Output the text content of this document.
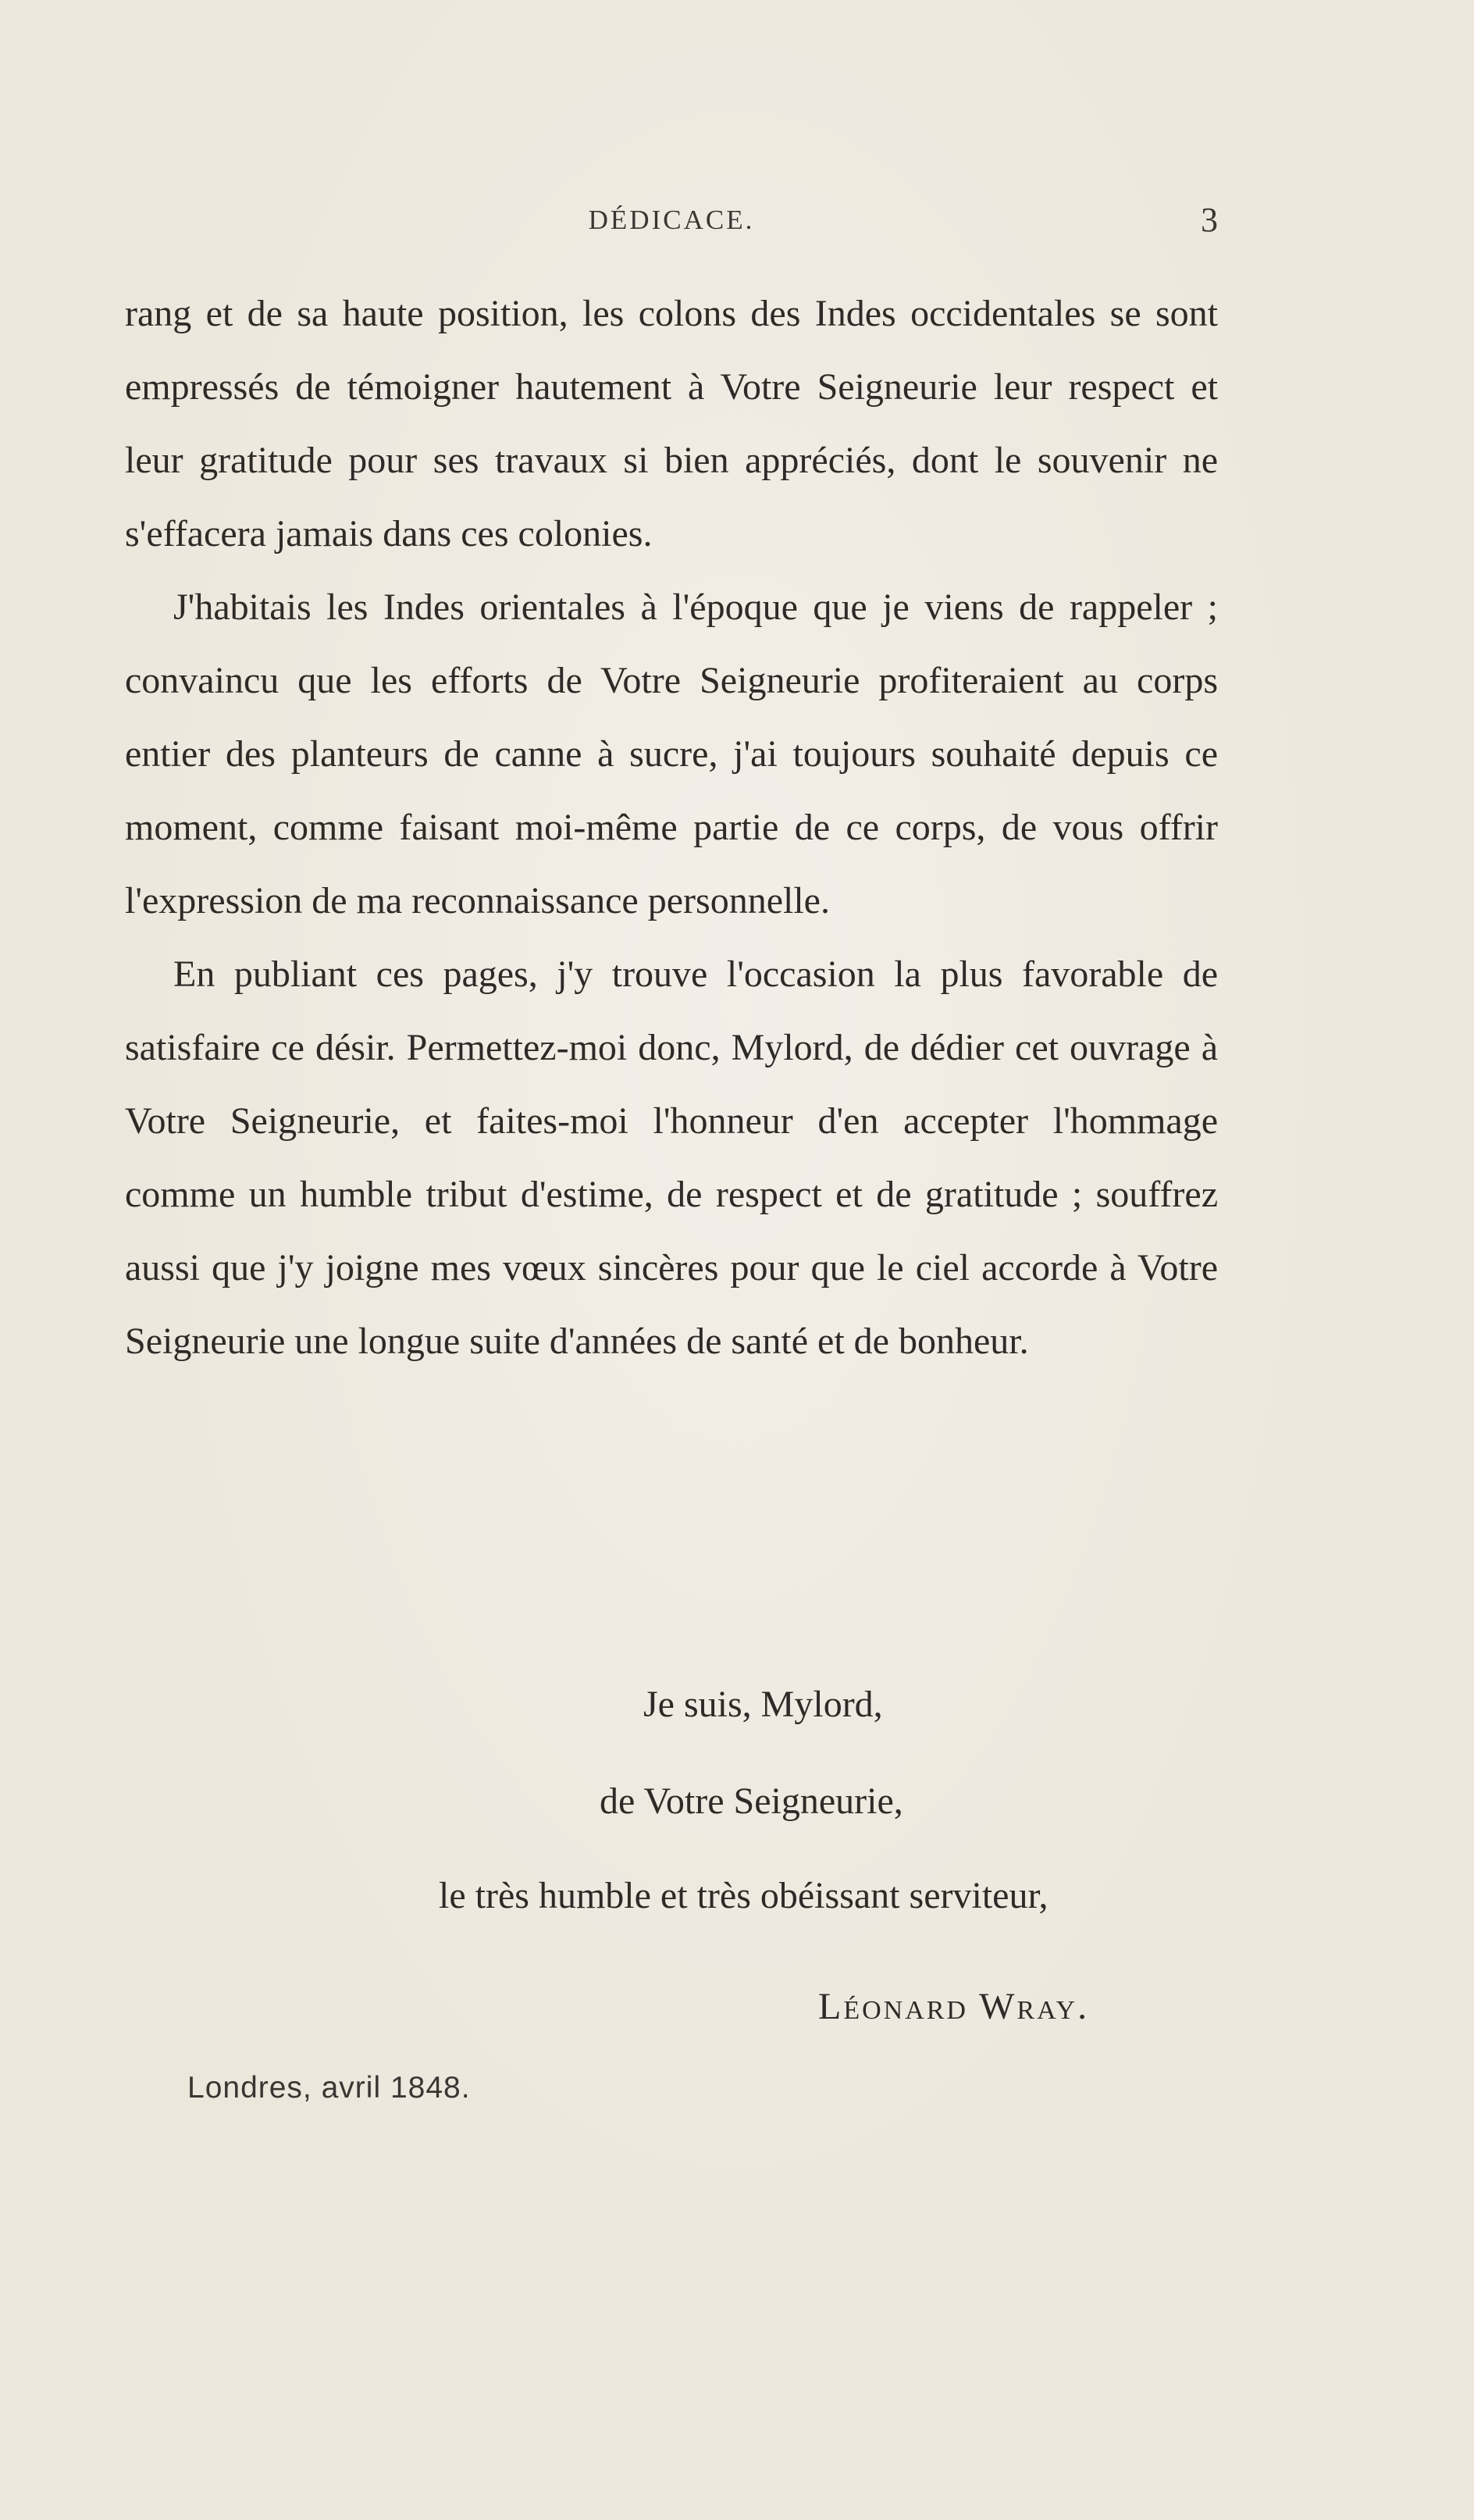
DÉDICACE.	3

rang et de sa haute position, les colons des Indes occidentales se sont empressés de témoigner hautement à Votre Seigneurie leur respect et leur gratitude pour ses travaux si bien appréciés, dont le souvenir ne s'effacera jamais dans ces colonies.

J'habitais les Indes orientales à l'époque que je viens de rappeler ; convaincu que les efforts de Votre Seigneurie profiteraient au corps entier des planteurs de canne à sucre, j'ai toujours souhaité depuis ce moment, comme faisant moi-même partie de ce corps, de vous offrir l'expression de ma reconnaissance personnelle.

En publiant ces pages, j'y trouve l'occasion la plus favorable de satisfaire ce désir. Permettez-moi donc, Mylord, de dédier cet ouvrage à Votre Seigneurie, et faites-moi l'honneur d'en accepter l'hommage comme un humble tribut d'estime, de respect et de gratitude ; souffrez aussi que j'y joigne mes vœux sincères pour que le ciel accorde à Votre Seigneurie une longue suite d'années de santé et de bonheur.

Je suis, Mylord,
de Votre Seigneurie,
le très humble et très obéissant serviteur,
Léonard Wray.
Londres, avril 1848.
